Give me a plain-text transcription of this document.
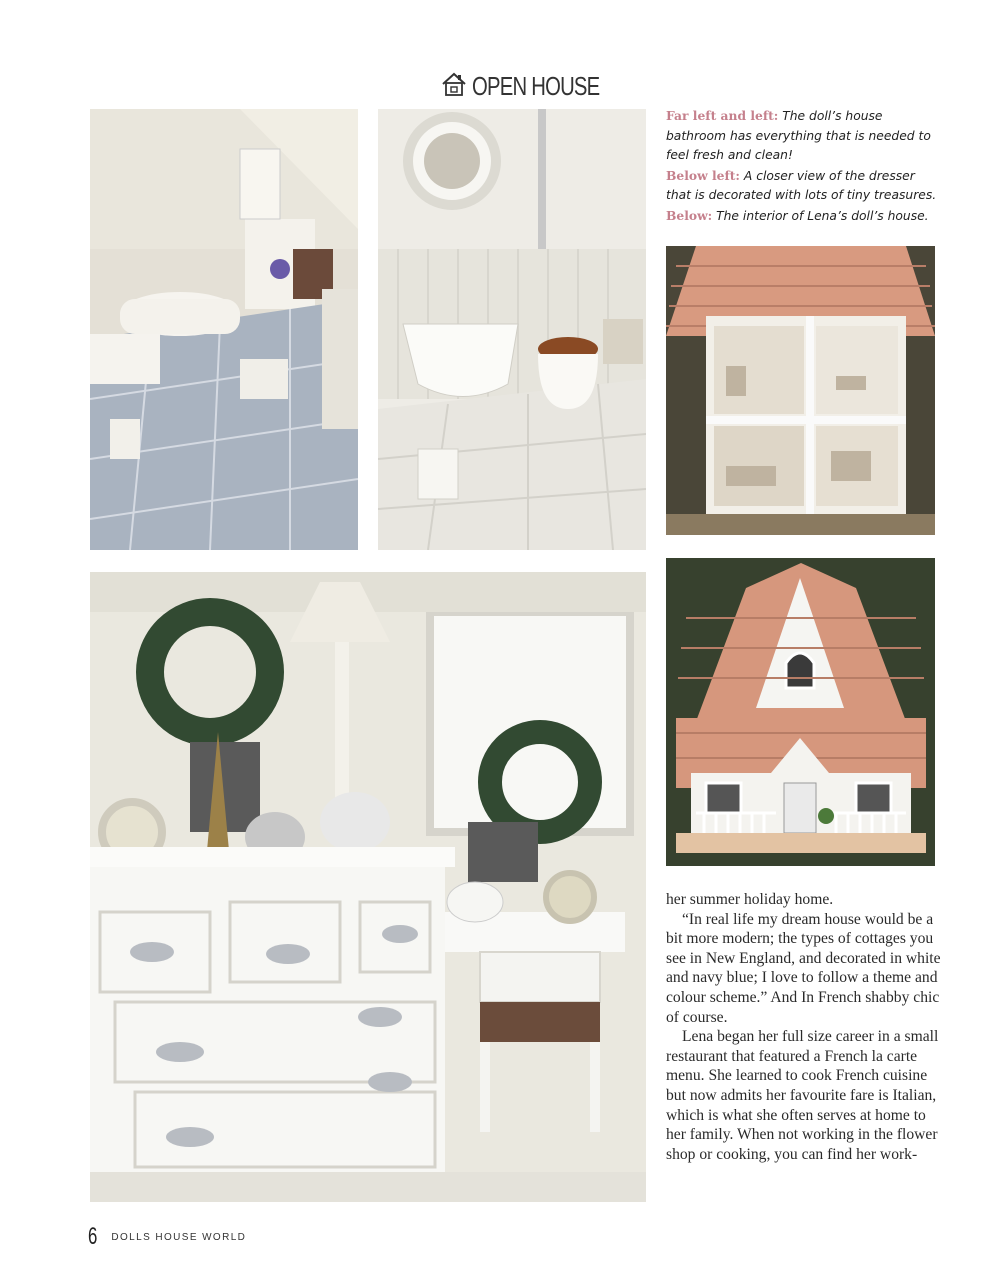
OPEN HOUSE

Far left and left: The doll’s house bathroom has everything that is needed to feel fresh and clean!

Below left: A closer view of the dresser that is decorated with lots of tiny treasures.

Below: The interior of Lena’s doll’s house.

her summer holiday home.

“In real life my dream house would be a bit more modern; the types of cottages you see in New England, and decorated in white and navy blue; I love to follow a theme and colour scheme.” And In French shabby chic of course.

Lena began her full size career in a small restaurant that featured a French la carte menu. She learned to cook French cuisine but now admits her favourite fare is Italian, which is what she often serves at home to her family. When not working in the flower shop or cooking, you can find her work-

6 DOLLS HOUSE WORLD
